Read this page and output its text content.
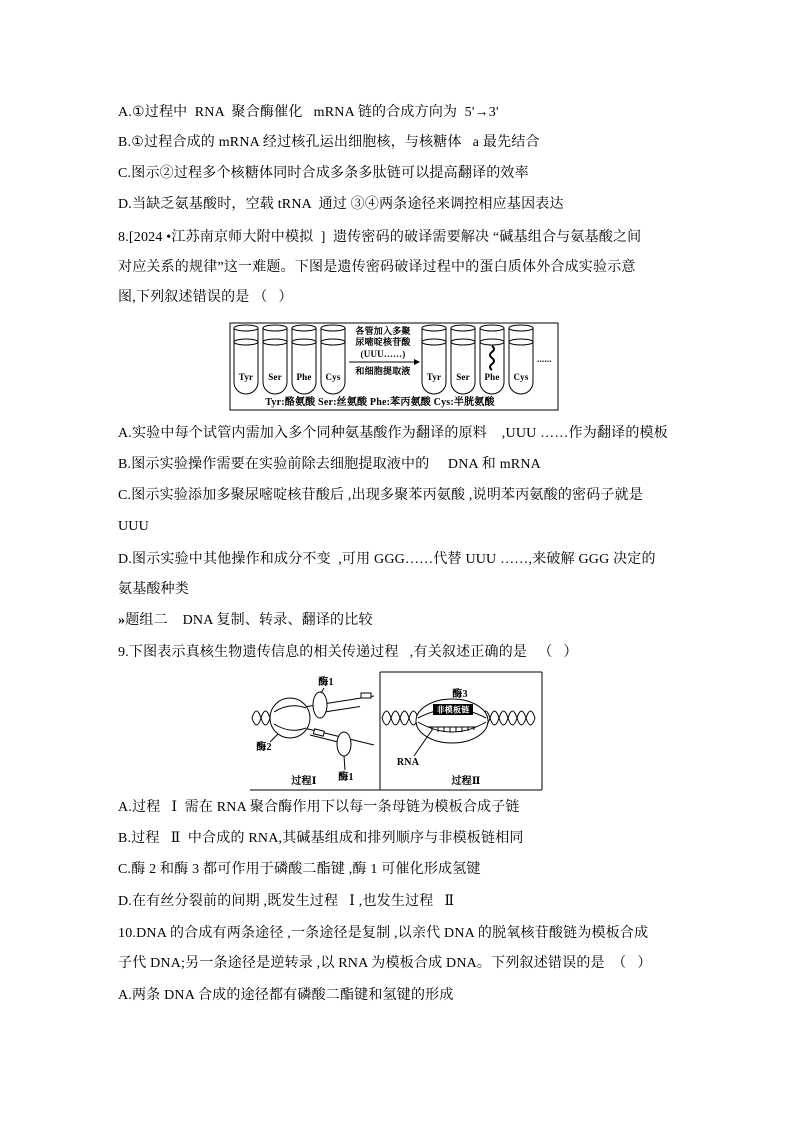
A.①过程中  RNA  聚合酶催化   mRNA 链的合成方向为  5'→3'
B.①过程合成的 mRNA 经过核孔运出细胞核，与核糖体   a 最先结合
C.图示②过程多个核糖体同时合成多条多肽链可以提高翻译的效率
D.当缺乏氨基酸时，空载 tRNA  通过 ③④两条途径来调控相应基因表达
8.[2024 •江苏南京师大附中模拟  ]  遗传密码的破译需要解决 “碱基组合与氨基酸之间
对应关系的规律”这一难题。下图是遗传密码破译过程中的蛋白质体外合成实验示意
图,下列叙述错误的是 （   ）
Tyr Ser Phe Cys
各管加入多聚
尿嘧啶核苷酸
(UUU……)
和细胞提取液
Tyr Ser Phe Cys
......
Tyr:酪氨酸 Ser:丝氨酸 Phe:苯丙氨酸 Cys:半胱氨酸
A.实验中每个试管内需加入多个同种氨基酸作为翻译的原料    ,UUU ……作为翻译的模板
B.图示实验操作需要在实验前除去细胞提取液中的     DNA 和 mRNA
C.图示实验添加多聚尿嘧啶核苷酸后 ,出现多聚苯丙氨酸 ,说明苯丙氨酸的密码子就是
UUU
D.图示实验中其他操作和成分不变  ,可用 GGG……代替 UUU ……,来破解 GGG 决定的
氨基酸种类
»题组二    DNA 复制、转录、翻译的比较
9.下图表示真核生物遗传信息的相关传递过程   ,有关叙述正确的是   （   ）
酶1
酶2
酶1
过程Ⅰ
非模板链
酶3
RNA
过程Ⅱ
A.过程   Ⅰ  需在 RNA 聚合酶作用下以每一条母链为模板合成子链
B.过程   Ⅱ  中合成的 RNA,其碱基组成和排列顺序与非模板链相同
C.酶 2 和酶 3 都可作用于磷酸二酯键 ,酶 1 可催化形成氢键
D.在有丝分裂前的间期 ,既发生过程   Ⅰ ,也发生过程   Ⅱ
10.DNA 的合成有两条途径 ,一条途径是复制 ,以亲代 DNA 的脱氧核苷酸链为模板合成
子代 DNA;另一条途径是逆转录 ,以 RNA 为模板合成 DNA。下列叙述错误的是  （   ）
A.两条 DNA 合成的途径都有磷酸二酯键和氢键的形成
